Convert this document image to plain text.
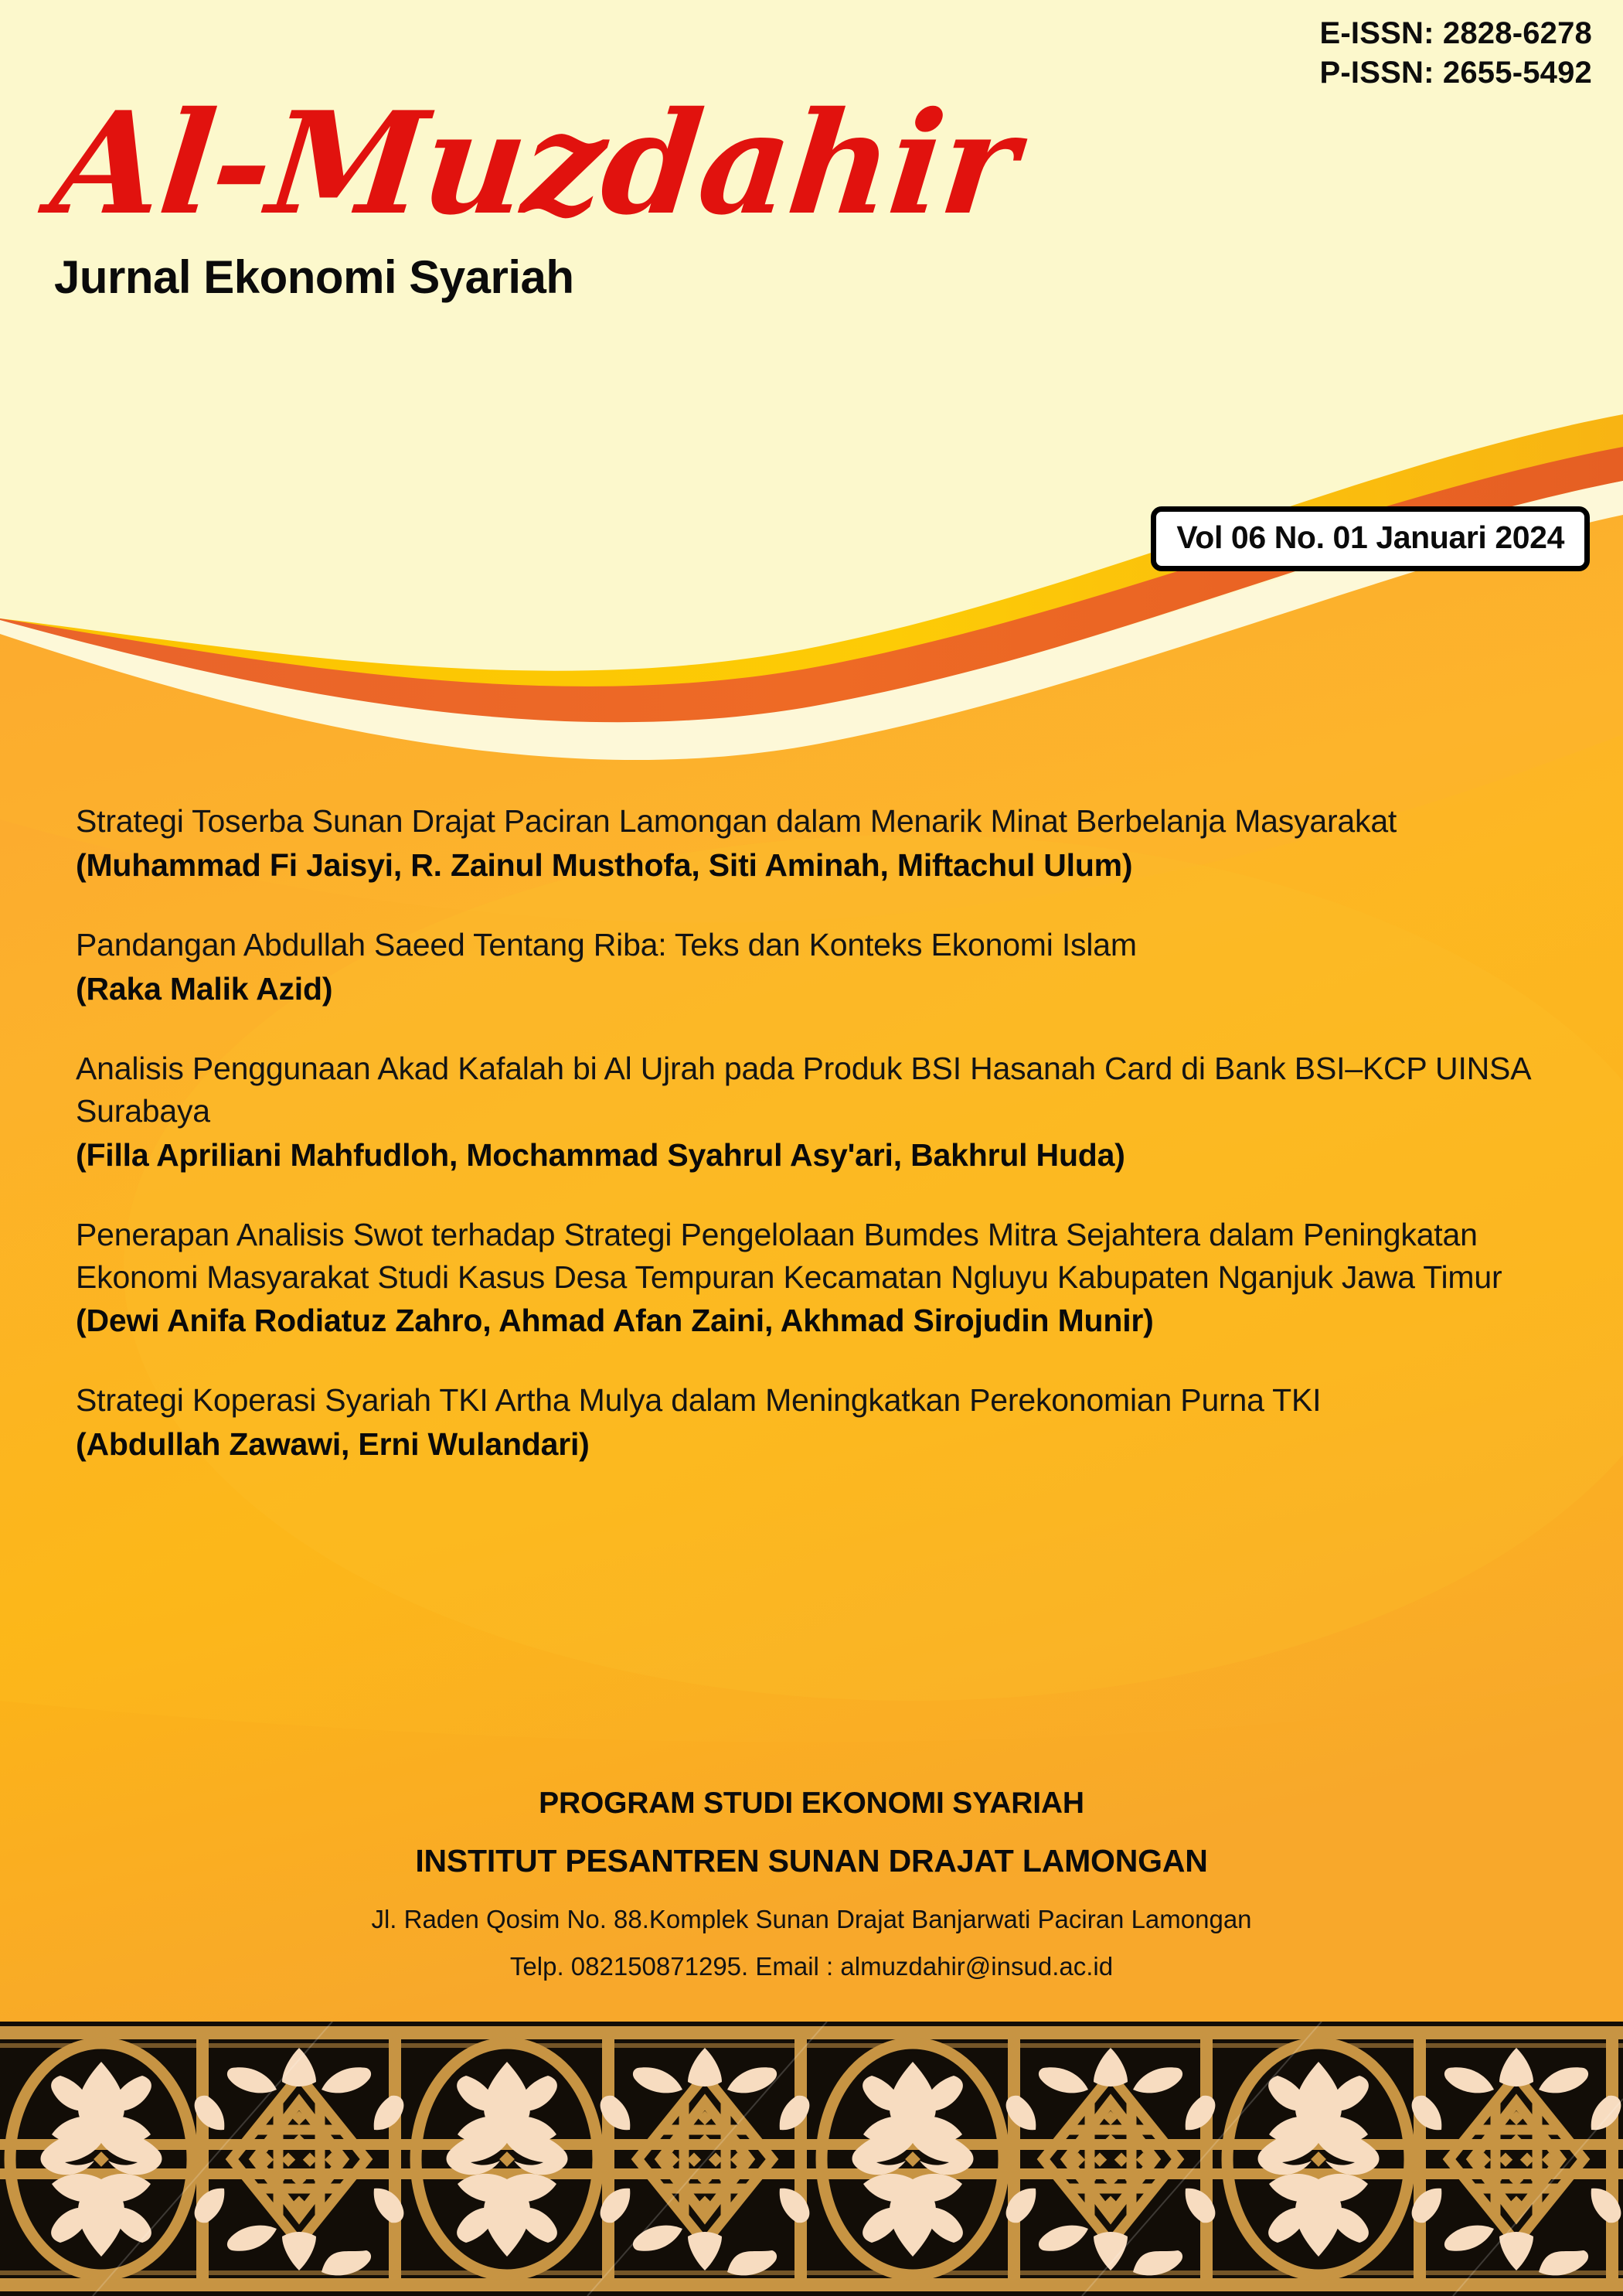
E-ISSN: 2828-6278
P-ISSN: 2655-5492
Al-Muzdahir
Jurnal Ekonomi Syariah
Vol 06 No. 01 Januari 2024
Strategi Toserba Sunan Drajat Paciran Lamongan dalam Menarik Minat Berbelanja Masyarakat
(Muhammad Fi Jaisyi, R. Zainul Musthofa, Siti Aminah, Miftachul Ulum)
Pandangan Abdullah Saeed Tentang Riba: Teks dan Konteks Ekonomi Islam
(Raka Malik Azid)
Analisis Penggunaan Akad Kafalah bi Al Ujrah pada Produk BSI Hasanah Card di Bank BSI–KCP UINSA Surabaya
(Filla Apriliani Mahfudloh, Mochammad Syahrul Asy'ari, Bakhrul Huda)
Penerapan Analisis Swot terhadap Strategi Pengelolaan Bumdes Mitra Sejahtera dalam Peningkatan Ekonomi Masyarakat Studi Kasus Desa Tempuran Kecamatan Ngluyu Kabupaten Nganjuk Jawa Timur
(Dewi Anifa Rodiatuz Zahro, Ahmad Afan Zaini, Akhmad Sirojudin Munir)
Strategi Koperasi Syariah TKI Artha Mulya dalam Meningkatkan Perekonomian Purna TKI
(Abdullah Zawawi, Erni Wulandari)
PROGRAM STUDI EKONOMI SYARIAH
INSTITUT PESANTREN SUNAN DRAJAT LAMONGAN
Jl. Raden Qosim No. 88.Komplek Sunan Drajat Banjarwati Paciran Lamongan
Telp. 082150871295. Email : almuzdahir@insud.ac.id
